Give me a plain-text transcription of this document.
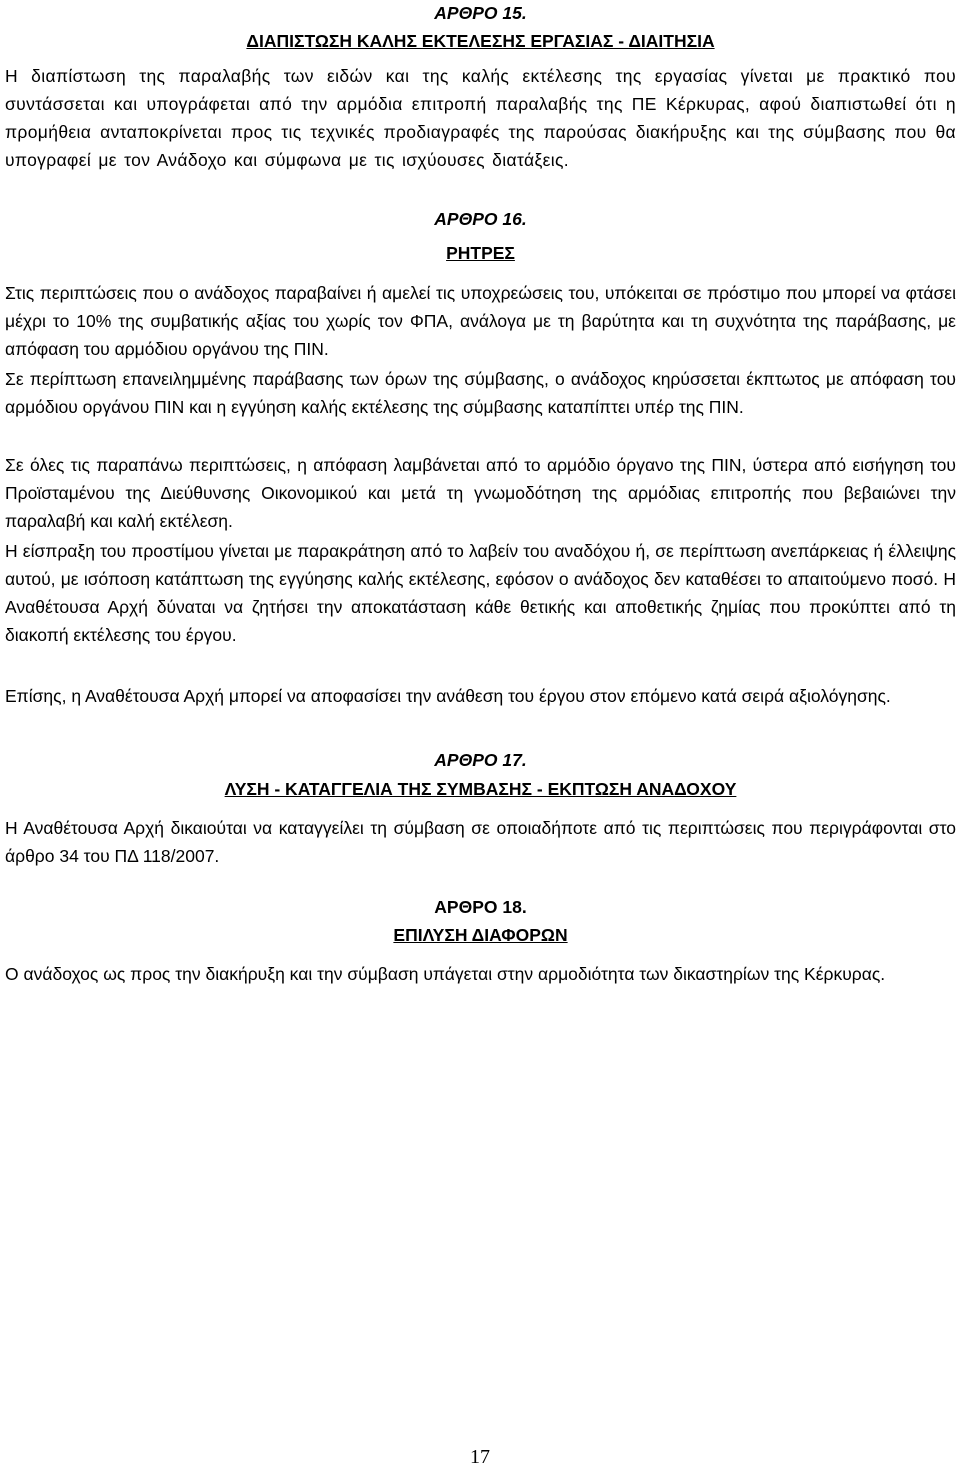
ΑΡΘΡΟ 15.
ΔΙΑΠΙΣΤΩΣΗ ΚΑΛΗΣ ΕΚΤΕΛΕΣΗΣ ΕΡΓΑΣΙΑΣ - ΔΙΑΙΤΗΣΙΑ

Η διαπίστωση της παραλαβής των ειδών και της καλής εκτέλεσης της εργασίας γίνεται με πρακτικό που συντάσσεται και υπογράφεται από την αρμόδια επιτροπή παραλαβής της ΠΕ Κέρκυρας, αφού διαπιστωθεί ότι η προμήθεια ανταποκρίνεται προς τις τεχνικές προδιαγραφές της παρούσας διακήρυξης και της σύμβασης που θα υπογραφεί με τον Ανάδοχο και σύμφωνα με τις ισχύουσες διατάξεις.

ΑΡΘΡΟ 16.
ΡΗΤΡΕΣ

Στις περιπτώσεις που ο ανάδοχος παραβαίνει ή αμελεί τις υποχρεώσεις του, υπόκειται σε πρόστιμο που μπορεί να φτάσει μέχρι το 10% της συμβατικής αξίας του χωρίς τον ΦΠΑ, ανάλογα με τη βαρύτητα και τη συχνότητα της παράβασης, με απόφαση του αρμόδιου οργάνου της ΠΙΝ.

Σε περίπτωση επανειλημμένης παράβασης των όρων της σύμβασης, ο ανάδοχος κηρύσσεται έκπτωτος με απόφαση του αρμόδιου οργάνου ΠΙΝ και η εγγύηση καλής εκτέλεσης της σύμβασης καταπίπτει υπέρ της ΠΙΝ.

Σε όλες τις παραπάνω περιπτώσεις, η απόφαση λαμβάνεται από το αρμόδιο όργανο της ΠΙΝ, ύστερα από εισήγηση του Προϊσταμένου της Διεύθυνσης Οικονομικού και μετά τη γνωμοδότηση της αρμόδιας επιτροπής που βεβαιώνει την παραλαβή και καλή εκτέλεση.

Η είσπραξη του προστίμου γίνεται με παρακράτηση από το λαβείν του αναδόχου ή, σε περίπτωση ανεπάρκειας ή έλλειψης αυτού, με ισόποση κατάπτωση της εγγύησης καλής εκτέλεσης, εφόσον ο ανάδοχος δεν καταθέσει το απαιτούμενο ποσό. Η Αναθέτουσα Αρχή δύναται να ζητήσει την αποκατάσταση κάθε θετικής και αποθετικής ζημίας που προκύπτει από τη διακοπή εκτέλεσης του έργου.

Επίσης, η Αναθέτουσα Αρχή μπορεί να αποφασίσει την ανάθεση του έργου στον επόμενο κατά σειρά αξιολόγησης.

ΑΡΘΡΟ 17.
ΛΥΣΗ - ΚΑΤΑΓΓΕΛΙΑ ΤΗΣ ΣΥΜΒΑΣΗΣ - ΕΚΠΤΩΣΗ ΑΝΑΔΟΧΟΥ

Η Αναθέτουσα Αρχή δικαιούται να καταγγείλει τη σύμβαση σε οποιαδήποτε από τις περιπτώσεις που περιγράφονται στο άρθρο 34 του ΠΔ 118/2007.

ΑΡΘΡΟ 18.
ΕΠΙΛΥΣΗ ΔΙΑΦΟΡΩΝ

Ο ανάδοχος ως προς την διακήρυξη και την σύμβαση υπάγεται στην αρμοδιότητα των δικαστηρίων της Κέρκυρας.

17
